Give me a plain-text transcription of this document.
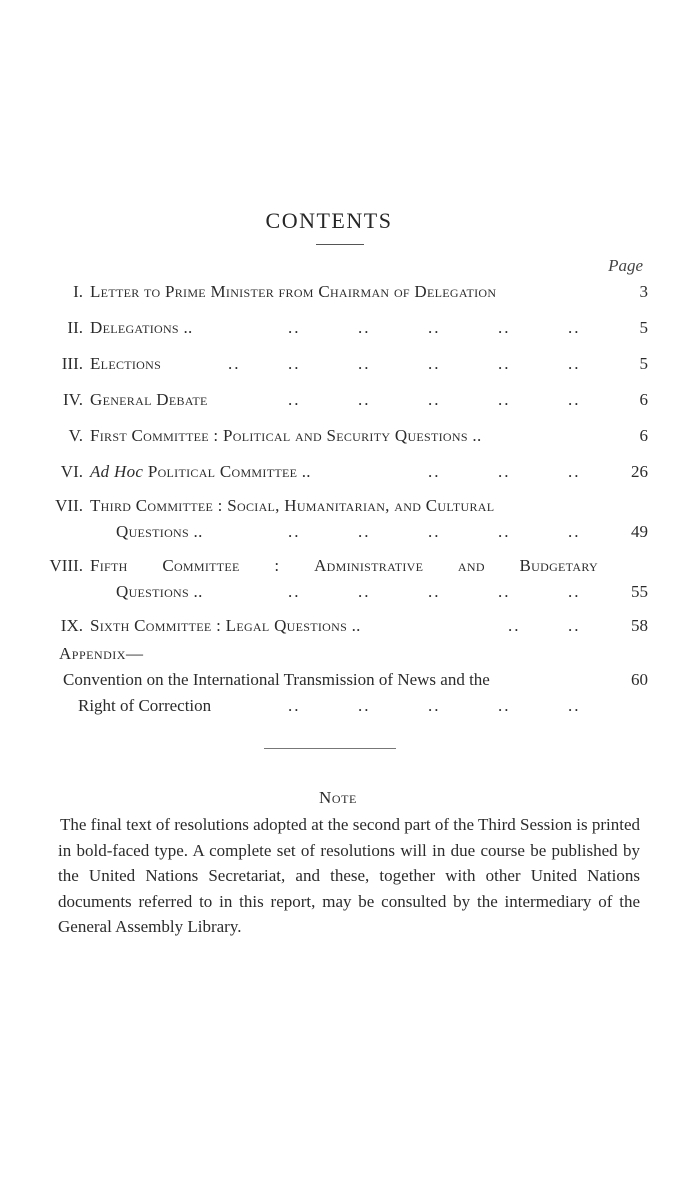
CONTENTS
Page
I. Letter to Prime Minister from Chairman of Delegation	3
II. Delegations ..	..	..	..	..	..	5
III. Elections	..	..	..	..	..	..	5
IV. General Debate	..	..	..	..	..	6
V. First Committee : Political and Security Questions ..	6
VI. Ad Hoc Political Committee ..	..	..	..	26
VII. Third Committee : Social, Humanitarian, and Cultural
Questions ..	..	..	..	..	..	49
VIII. Fifth Committee : Administrative and Budgetary
Questions ..	..	..	..	..	..	55
IX. Sixth Committee : Legal Questions ..	..	..	58
Appendix—
Convention on the International Transmission of News and the	60
Right of Correction	..	..	..	..	..
Note
The final text of resolutions adopted at the second part of the Third Session is printed in bold-faced type. A complete set of resolutions will in due course be published by the United Nations Secretariat, and these, together with other United Nations documents referred to in this report, may be consulted by the intermediary of the General Assembly Library.
